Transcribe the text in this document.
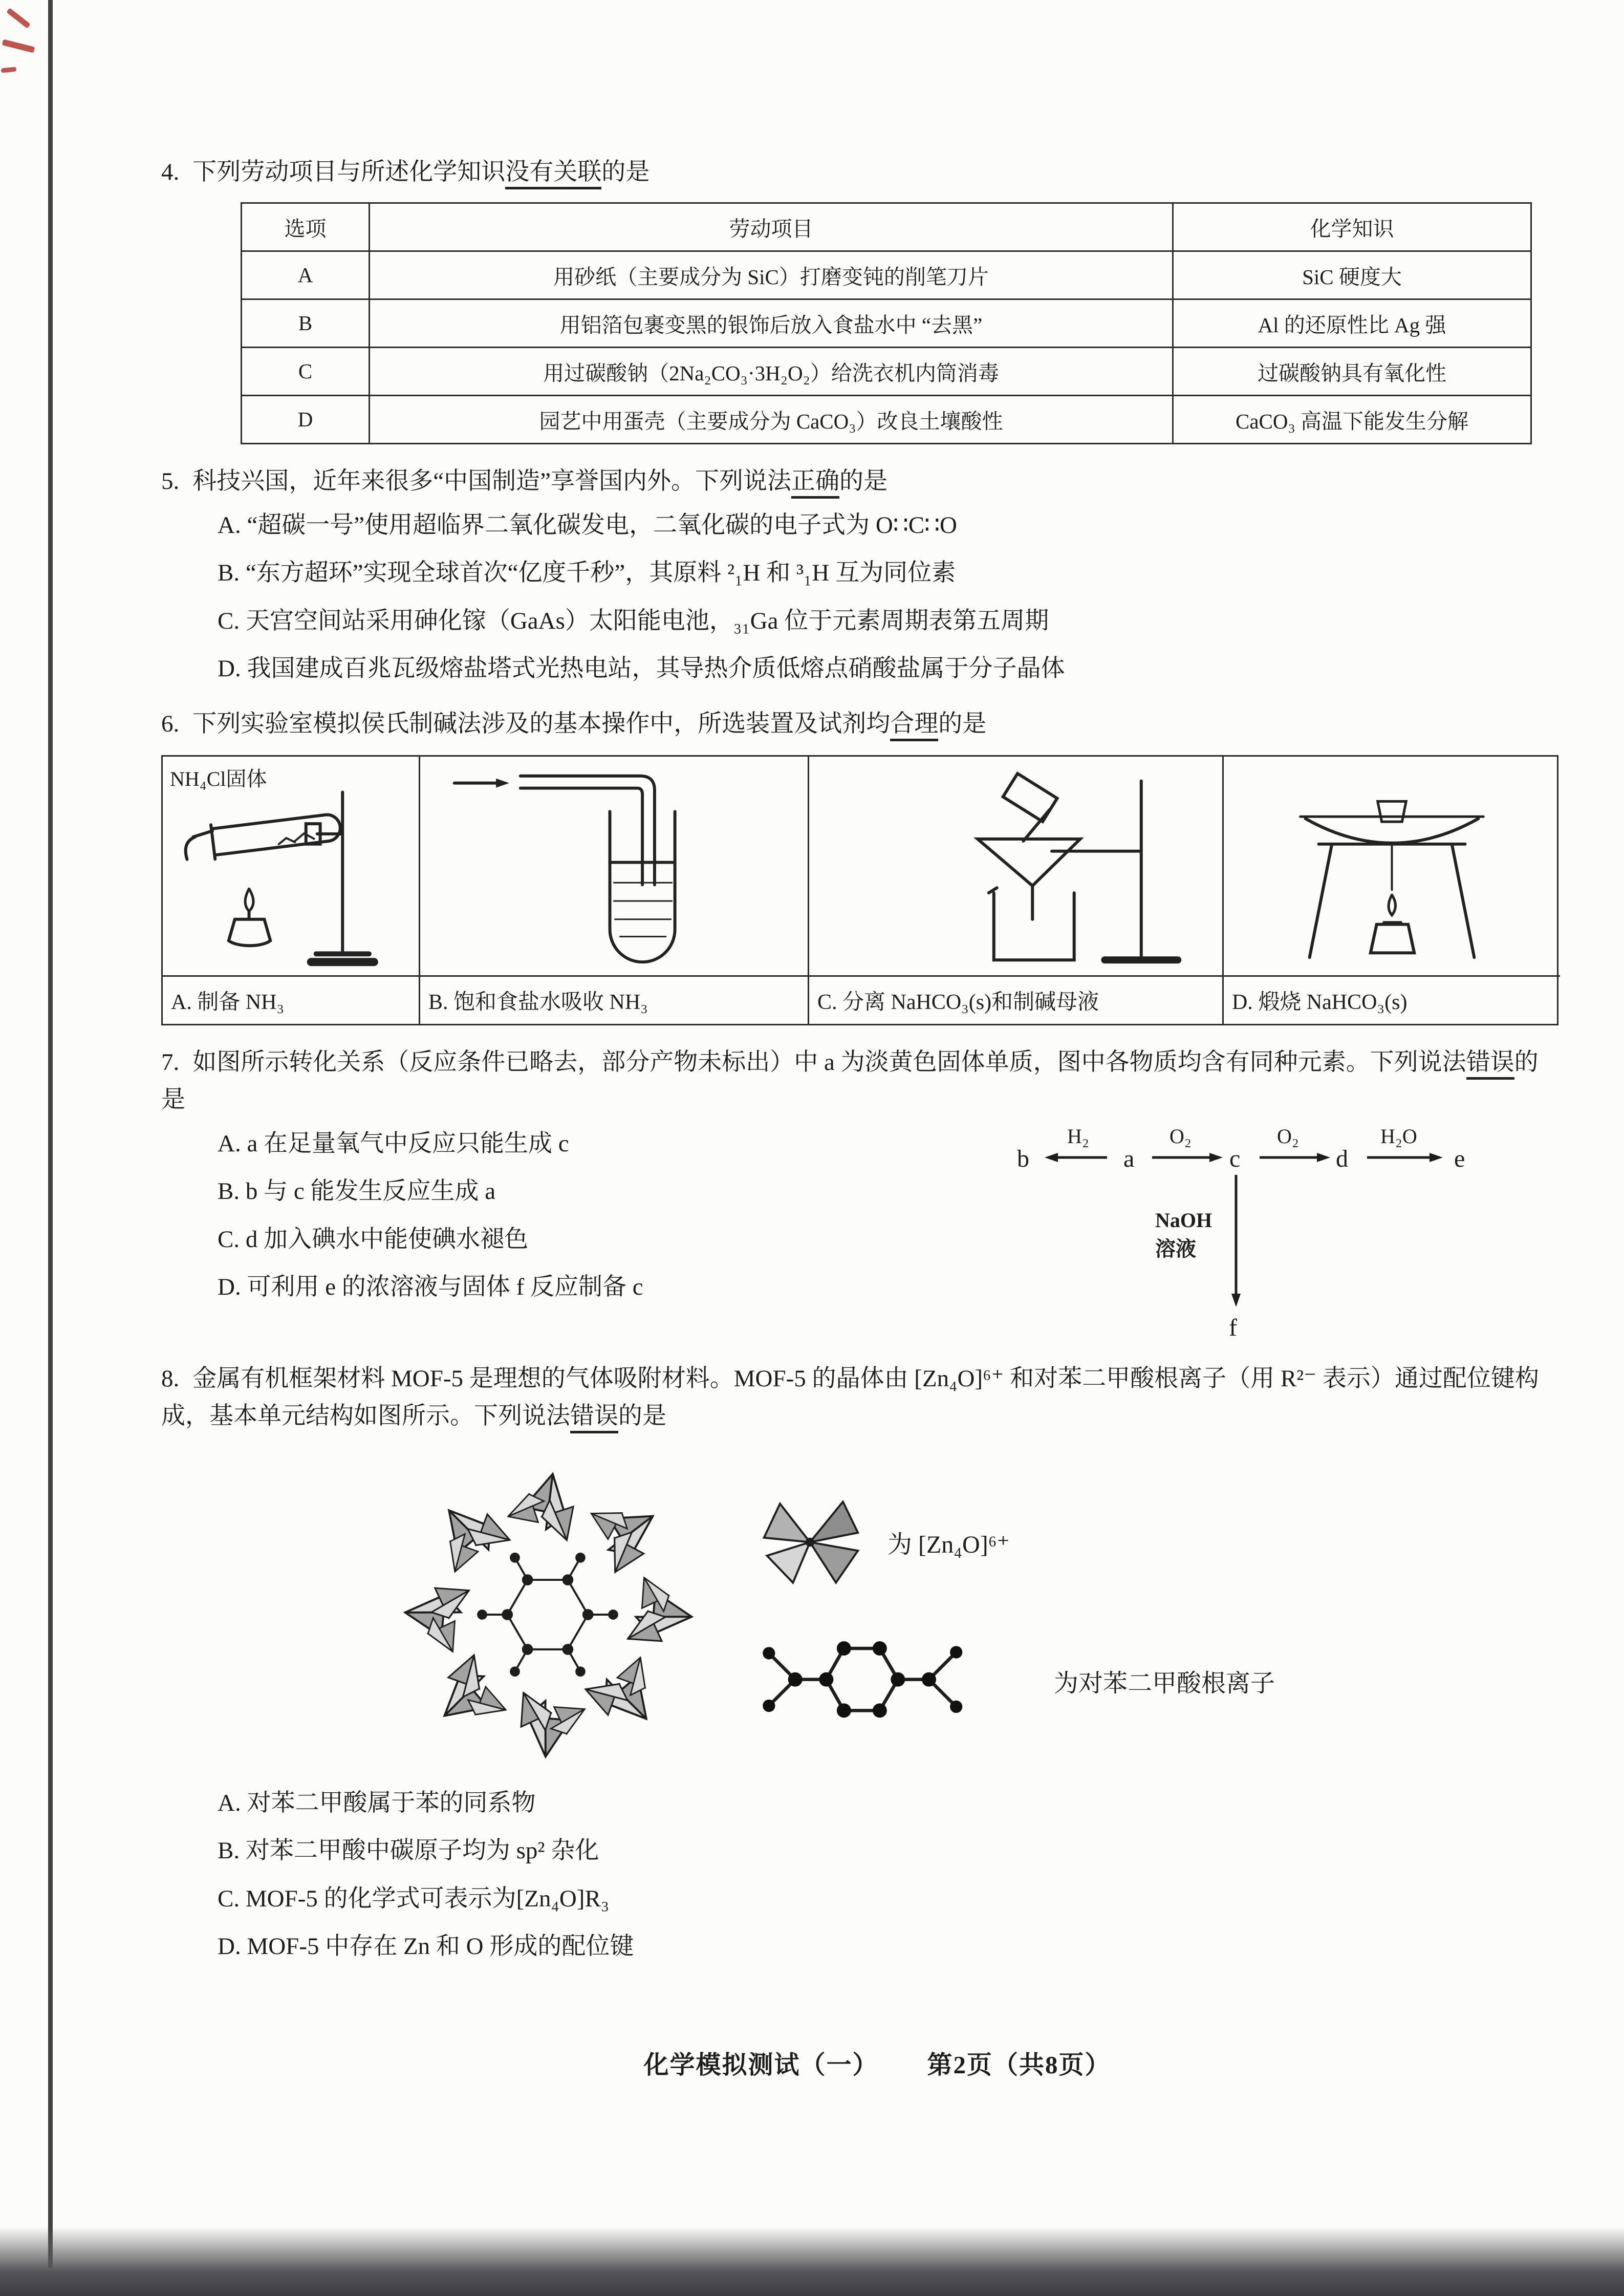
4. 下列劳动项目与所述化学知识没有关联的是
选项	劳动项目	化学知识
A	用砂纸（主要成分为 SiC）打磨变钝的削笔刀片	SiC 硬度大
B	用铝箔包裹变黑的银饰后放入食盐水中 “去黑”	Al 的还原性比 Ag 强
C	用过碳酸钠（2Na₂CO₃·3H₂O₂）给洗衣机内筒消毒	过碳酸钠具有氧化性
D	园艺中用蛋壳（主要成分为 CaCO₃）改良土壤酸性	CaCO₃ 高温下能发生分解
5. 科技兴国，近年来很多“中国制造”享誉国内外。下列说法正确的是
A. “超碳一号”使用超临界二氧化碳发电，二氧化碳的电子式为 O∷C∷O
B. “东方超环”实现全球首次“亿度千秒”，其原料 ²₁H 和 ³₁H 互为同位素
C. 天宫空间站采用砷化镓（GaAs）太阳能电池，₃₁Ga 位于元素周期表第五周期
D. 我国建成百兆瓦级熔盐塔式光热电站，其导热介质低熔点硝酸盐属于分子晶体
6. 下列实验室模拟侯氏制碱法涉及的基本操作中，所选装置及试剂均合理的是
NH₄Cl固体
A. 制备 NH₃	B. 饱和食盐水吸收 NH₃	C. 分离 NaHCO₃(s)和制碱母液	D. 煅烧 NaHCO₃(s)
7. 如图所示转化关系（反应条件已略去，部分产物未标出）中 a 为淡黄色固体单质，图中各物质均含有同种元素。下列说法错误的是
A. a 在足量氧气中反应只能生成 c
B. b 与 c 能发生反应生成 a
C. d 加入碘水中能使碘水褪色
D. 可利用 e 的浓溶液与固体 f 反应制备 c
b	a	c	d	e
f
H₂	O₂	O₂	H₂O
NaOH
溶液
8. 金属有机框架材料 MOF-5 是理想的气体吸附材料。MOF-5 的晶体由 [Zn₄O]⁶⁺ 和对苯二甲酸根离子（用 R²⁻ 表示）通过配位键构成，基本单元结构如图所示。下列说法错误的是
为 [Zn₄O]⁶⁺
为对苯二甲酸根离子
A. 对苯二甲酸属于苯的同系物
B. 对苯二甲酸中碳原子均为 sp² 杂化
C. MOF-5 的化学式可表示为[Zn₄O]R₃
D. MOF-5 中存在 Zn 和 O 形成的配位键
化学模拟测试（一） 第2页（共8页）
